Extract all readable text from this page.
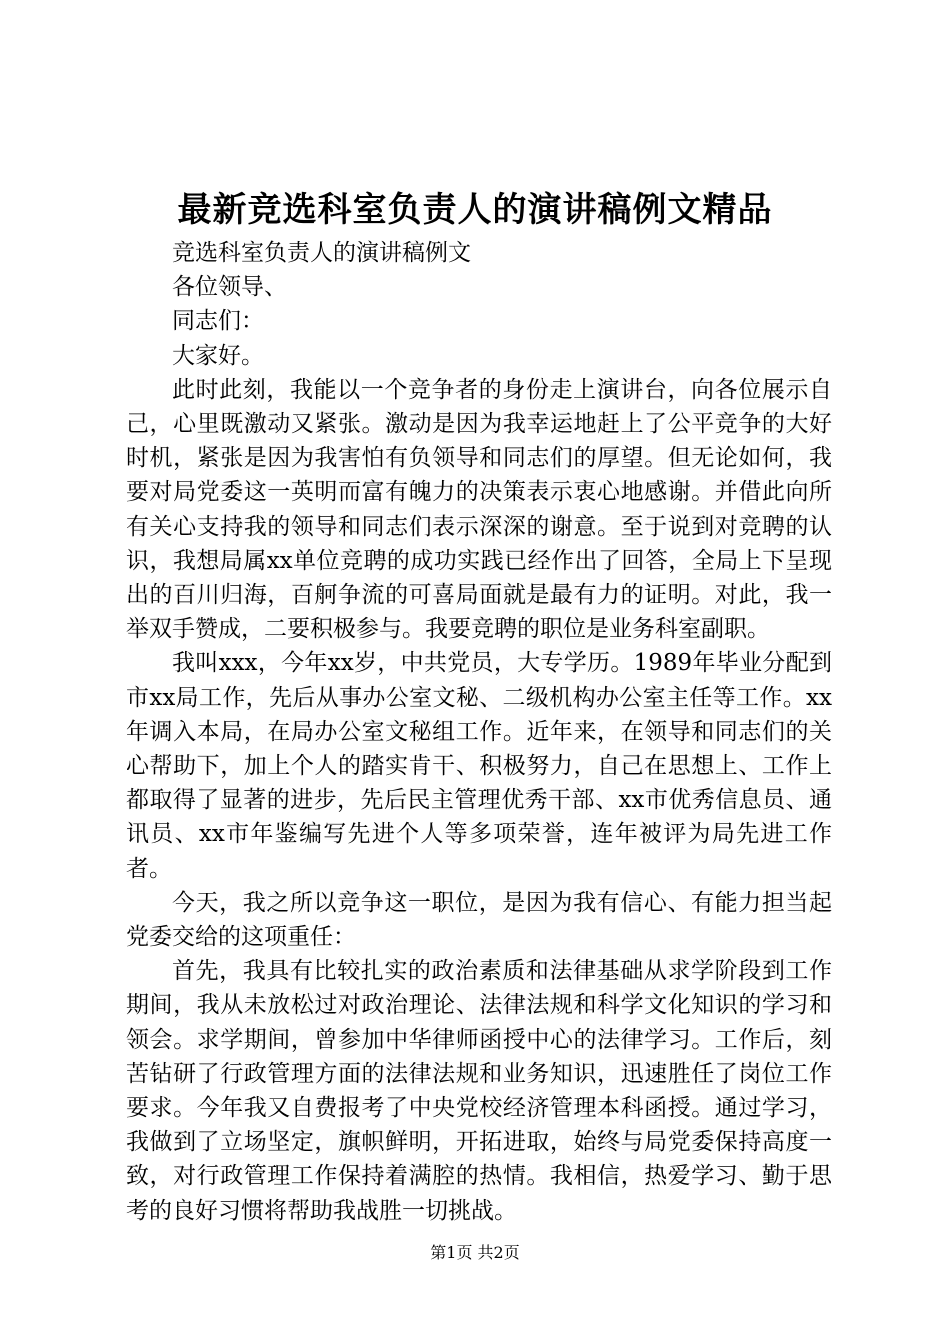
最新竞选科室负责人的演讲稿例文精品

竞选科室负责人的演讲稿例文

各位领导、

同志们：

大家好。

此时此刻，我能以一个竞争者的身份走上演讲台，向各位展示自己，心里既激动又紧张。激动是因为我幸运地赶上了公平竞争的大好时机，紧张是因为我害怕有负领导和同志们的厚望。但无论如何，我要对局党委这一英明而富有魄力的决策表示衷心地感谢。并借此向所有关心支持我的领导和同志们表示深深的谢意。至于说到对竞聘的认识，我想局属xx单位竞聘的成功实践已经作出了回答，全局上下呈现出的百川归海，百舸争流的可喜局面就是最有力的证明。对此，我一举双手赞成，二要积极参与。我要竞聘的职位是业务科室副职。

我叫xxx，今年xx岁，中共党员，大专学历。1989年毕业分配到市xx局工作，先后从事办公室文秘、二级机构办公室主任等工作。xx年调入本局，在局办公室文秘组工作。近年来，在领导和同志们的关心帮助下，加上个人的踏实肯干、积极努力，自己在思想上、工作上都取得了显著的进步，先后民主管理优秀干部、xx市优秀信息员、通讯员、xx市年鉴编写先进个人等多项荣誉，连年被评为局先进工作者。

今天，我之所以竞争这一职位，是因为我有信心、有能力担当起党委交给的这项重任：

首先，我具有比较扎实的政治素质和法律基础从求学阶段到工作期间，我从未放松过对政治理论、法律法规和科学文化知识的学习和领会。求学期间，曾参加中华律师函授中心的法律学习。工作后，刻苦钻研了行政管理方面的法律法规和业务知识，迅速胜任了岗位工作要求。今年我又自费报考了中央党校经济管理本科函授。通过学习，我做到了立场坚定，旗帜鲜明，开拓进取，始终与局党委保持高度一致，对行政管理工作保持着满腔的热情。我相信，热爱学习、勤于思考的良好习惯将帮助我战胜一切挑战。

第1页 共2页
